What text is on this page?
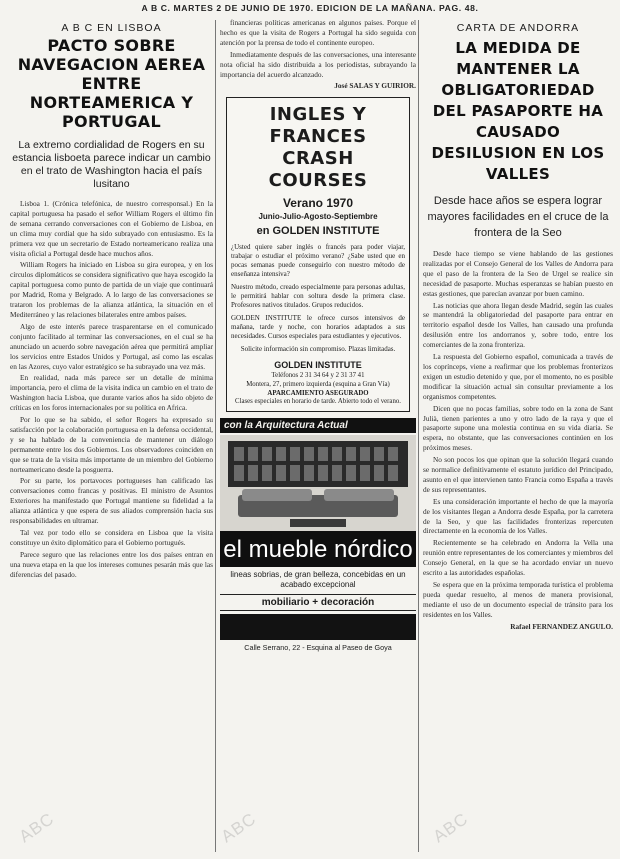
A B C. MARTES 2 DE JUNIO DE 1970. EDICION DE LA MAÑANA. PAG. 48.
A B C EN LISBOA
PACTO SOBRE NAVEGACION AEREA ENTRE NORTEAMERICA Y PORTUGAL
La extremo cordialidad de Rogers en su estancia lisboeta parece indicar un cambio en el trato de Washington hacia el país lusitano

Lisboa 1. (Crónica telefónica, de nuestro corresponsal.) En la capital portuguesa ha pasado el señor William Rogers el último fin de semana cerrando conversaciones con el Gobierno de Lisboa, en un clima muy cordial que ha sido subrayado con entusiasmo. Es la primera vez que un secretario de Estado norteamericano realiza una visita oficial a Portugal desde hace muchos años.

William Rogers ha iniciado en Lisboa su gira europea, y en los círculos diplomáticos se considera significativo que haya escogido la capital portuguesa como punto de partida de un viaje que continuará por Madrid, Roma y Belgrado. A lo largo de las conversaciones se trataron los problemas de la alianza atlántica, la situación en el Mediterráneo y las relaciones bilaterales entre ambos países.

Algo de este interés parece trasparentarse en el comunicado conjunto facilitado al terminar las conversaciones, en el cual se ha anunciado un acuerdo sobre navegación aérea que permitirá ampliar los servicios entre Estados Unidos y Portugal, así como las escalas en las Azores, cuyo valor estratégico se ha subrayado una vez más.

En realidad, nada más parece ser un detalle de mínima importancia, pero el clima de la visita indica un cambio en el trato de Washington hacia Lisboa, que durante varios años ha sido objeto de críticas en los foros internacionales por su política en Africa.

Por lo que se ha sabido, el señor Rogers ha expresado su satisfacción por la colaboración portuguesa en la defensa occidental, y se ha hablado de la conveniencia de mantener un diálogo permanente entre los dos Gobiernos. Los observadores coinciden en que se trata de la visita más importante de un miembro del Gobierno norteamericano desde la posguerra.

Por su parte, los portavoces portugueses han calificado las conversaciones como francas y positivas. El ministro de Asuntos Exteriores ha manifestado que Portugal mantiene su fidelidad a la alianza atlántica y que espera de sus aliados comprensión hacia sus responsabilidades en ultramar.

Tal vez por todo ello se considera en Lisboa que la visita constituye un éxito diplomático para el Gobierno portugués.

Parece seguro que las relaciones entre los dos países entran en una nueva etapa en la que los intereses comunes pesarán más que las diferencias del pasado.

financieras políticas americanas en algunos países. Porque el hecho es que la visita de Rogers a Portugal ha sido seguida con atención por la prensa de todo el continente europeo.

Inmediatamente después de las conversaciones, una interesante nota oficial ha sido distribuida a los periodistas, subrayando la importancia del acuerdo alcanzado.

José SALAS Y GUIRIOR.

INGLES Y FRANCES CRASH COURSES
Verano 1970
Junio-Julio-Agosto-Septiembre
en GOLDEN INSTITUTE

¿Usted quiere saber inglés o francés para poder viajar, trabajar o estudiar el próximo verano? ¿Sabe usted que en pocas semanas puede conseguirlo con nuestro método de enseñanza intensiva?

Nuestro método, creado especialmente para personas adultas, le permitirá hablar con soltura desde la primera clase. Profesores nativos titulados. Grupos reducidos.

GOLDEN INSTITUTE le ofrece cursos intensivos de mañana, tarde y noche, con horarios adaptados a sus necesidades. Cursos especiales para estudiantes y ejecutivos.

Solicite información sin compromiso. Plazas limitadas.
GOLDEN INSTITUTE
Teléfonos 2 31 34 64 y 2 31 37 41
Montera, 27, primero izquierda (esquina a Gran Vía)
APARCAMIENTO ASEGURADO
Clases especiales en horario de tarde. Abierto todo el verano.
con la Arquitectura Actual
el mueble nórdico
lineas sobrias, de gran belleza, concebidas en un acabado excepcional
mobiliario + decoración
Calle Serrano, 22 - Esquina al Paseo de Goya
CARTA DE ANDORRA
LA MEDIDA DE MANTENER LA OBLIGATORIEDAD DEL PASAPORTE HA CAUSADO DESILUSION EN LOS VALLES
Desde hace años se espera lograr mayores facilidades en el cruce de la frontera de la Seo

Desde hace tiempo se viene hablando de las gestiones realizadas por el Consejo General de los Valles de Andorra para que el paso de la frontera de la Seo de Urgel se realice sin necesidad de pasaporte. Muchas esperanzas se habían puesto en estas gestiones, que parecían avanzar por buen camino.

Las noticias que ahora llegan desde Madrid, según las cuales se mantendrá la obligatoriedad del pasaporte para entrar en territorio español desde los Valles, han causado una profunda desilusión entre los andorranos y, sobre todo, entre los comerciantes de la zona fronteriza.

La respuesta del Gobierno español, comunicada a través de los coprínceps, viene a reafirmar que los problemas fronterizos exigen un estudio detenido y que, por el momento, no es posible modificar la situación actual sin consultar previamente a los organismos competentes.

Dicen que no pocas familias, sobre todo en la zona de Sant Julià, tienen parientes a uno y otro lado de la raya y que el pasaporte supone una molestia continua en su vida diaria. Se espera, no obstante, que las conversaciones continúen en los próximos meses.

No son pocos los que opinan que la solución llegará cuando se normalice definitivamente el estatuto jurídico del Principado, asunto en el que intervienen tanto Francia como España a través de sus representantes.

Es una consideración importante el hecho de que la mayoría de los visitantes llegan a Andorra desde España, por la carretera de la Seo, y que las facilidades fronterizas repercuten directamente en la economía de los Valles.

Recientemente se ha celebrado en Andorra la Vella una reunión entre representantes de los comerciantes y miembros del Consejo General, en la que se ha acordado enviar un nuevo escrito a las autoridades españolas.

Se espera que en la próxima temporada turística el problema pueda quedar resuelto, al menos de manera provisional, mediante el uso de un documento especial de tránsito para los residentes en los Valles.

Rafael FERNANDEZ ANGULO.

ABC	ABC	ABC
